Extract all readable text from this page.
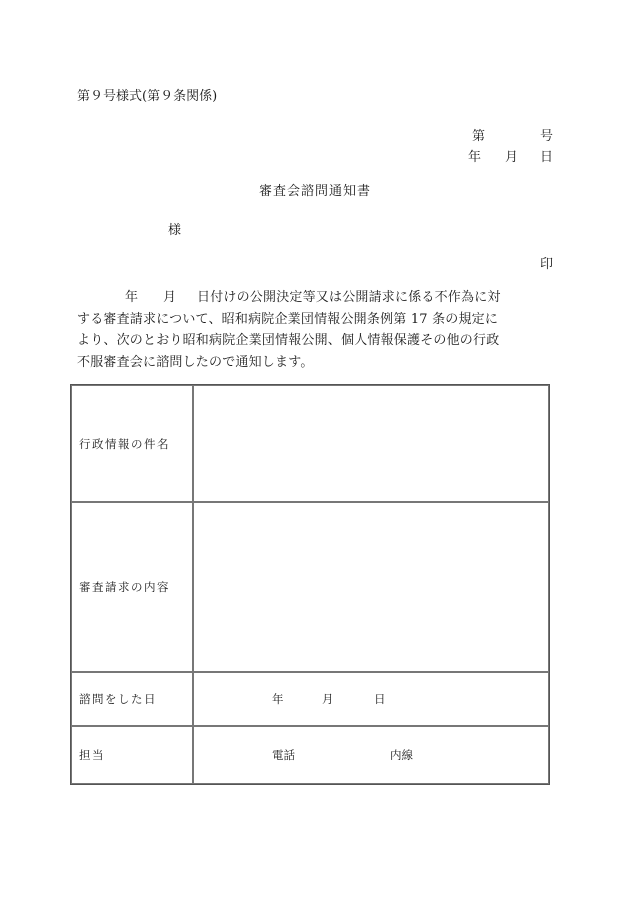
第９号様式(第９条関係)
第	号
年 月 日
審査会諮問通知書
様
印
年 月 日付けの公開決定等又は公開請求に係る不作為に対
する審査請求について、昭和病院企業団情報公開条例第 17 条の規定に
より、次のとおり昭和病院企業団情報公開、個人情報保護その他の行政
不服審査会に諮問したので通知します。
行政情報の件名	
審査請求の内容	
諮問をした日	年 月 日

担当	電話 内線
